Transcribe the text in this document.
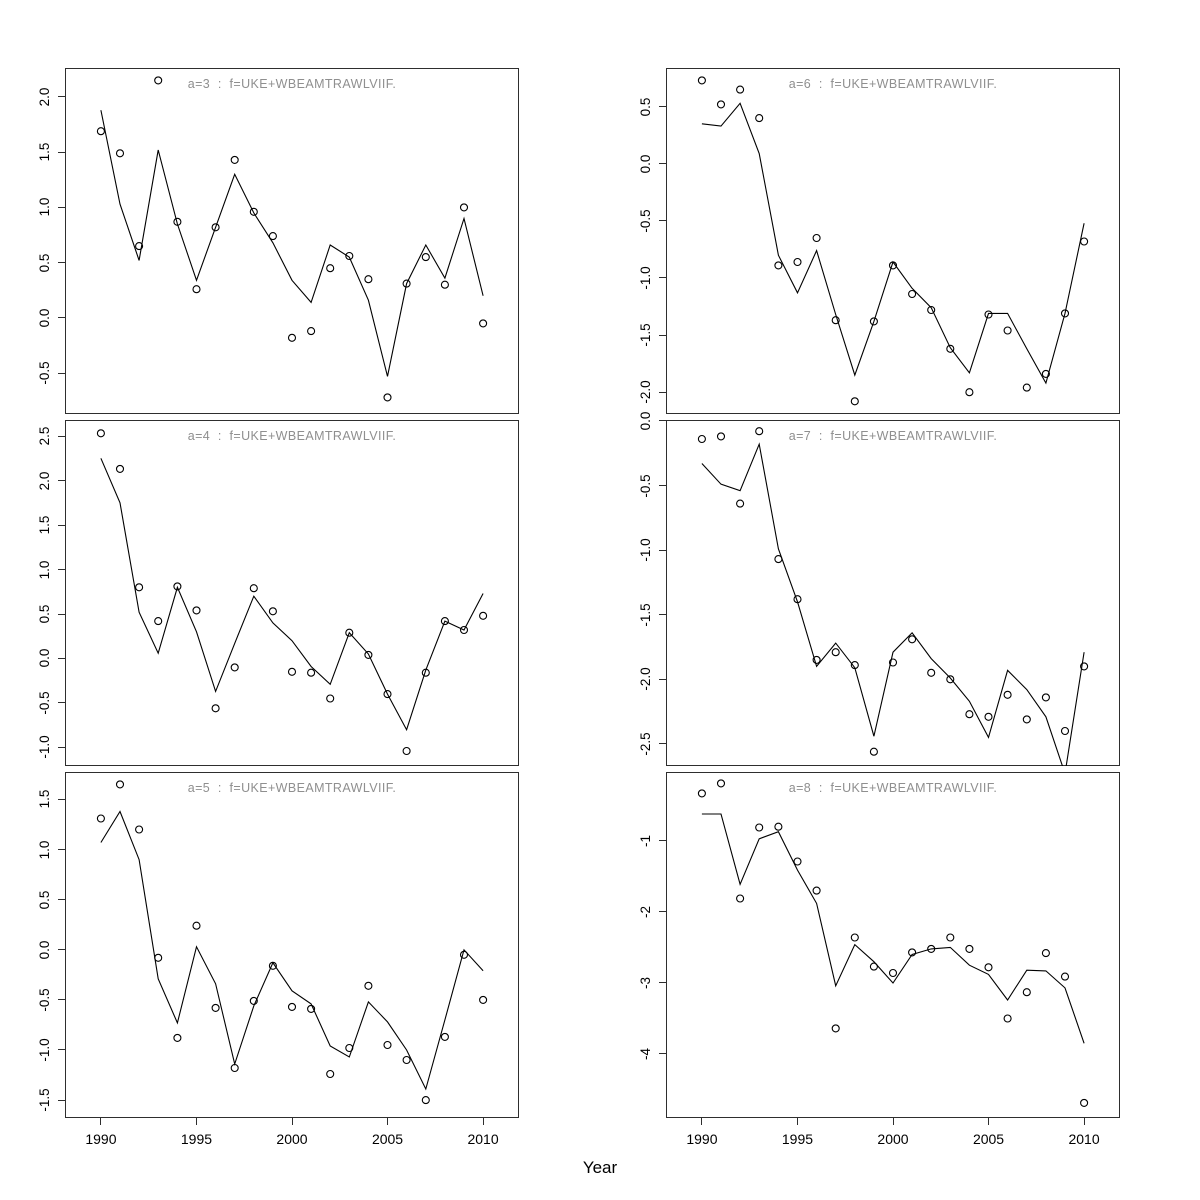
Year
a=3  :  f=UKE+WBEAMTRAWLVIIF.
2.0
1.5
1.0
0.5
0.0
-0.5
a=4  :  f=UKE+WBEAMTRAWLVIIF.
2.5
2.0
1.5
1.0
0.5
0.0
-0.5
-1.0
a=5  :  f=UKE+WBEAMTRAWLVIIF.
1.5
1.0
0.5
0.0
-0.5
-1.0
-1.5
1990	1995	2000	2005	2010
a=6  :  f=UKE+WBEAMTRAWLVIIF.
0.5
0.0
-0.5
-1.0
-1.5
-2.0
a=7  :  f=UKE+WBEAMTRAWLVIIF.
0.0
-0.5
-1.0
-1.5
-2.0
-2.5
a=8  :  f=UKE+WBEAMTRAWLVIIF.
-1
-2
-3
-4
1990	1995	2000	2005	2010
